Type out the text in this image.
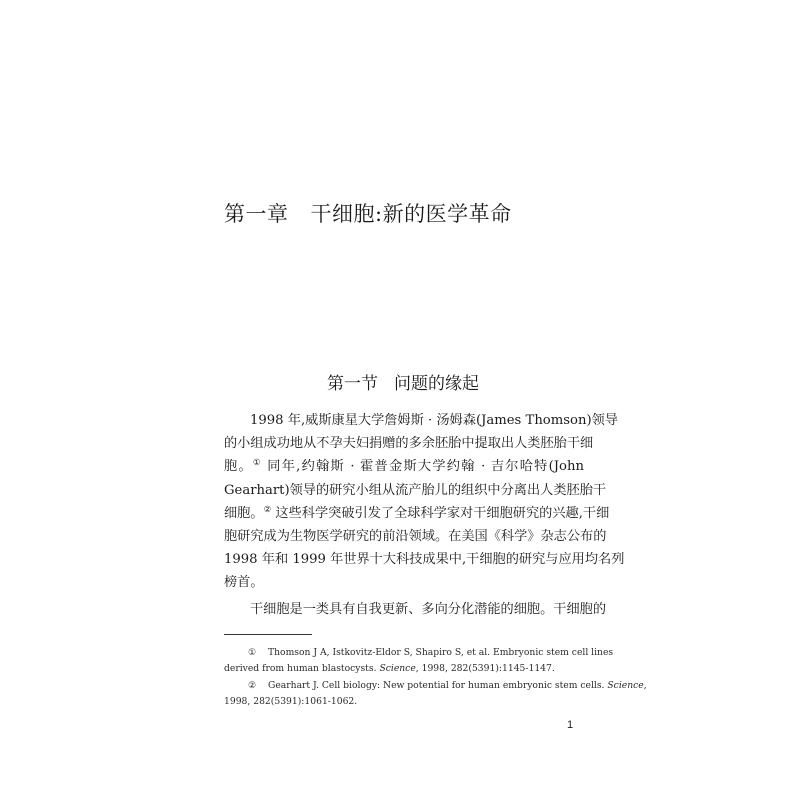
第一章 干细胞:新的医学革命
第一节 问题的缘起
1998 年,威斯康星大学詹姆斯 · 汤姆森(James Thomson)领导
的小组成功地从不孕夫妇捐赠的多余胚胎中提取出人类胚胎干细
胞。① 同年,约翰斯 · 霍普金斯大学约翰 · 吉尔哈特(John
Gearhart)领导的研究小组从流产胎儿的组织中分离出人类胚胎干
细胞。② 这些科学突破引发了全球科学家对干细胞研究的兴趣,干细
胞研究成为生物医学研究的前沿领域。在美国《科学》杂志公布的
1998 年和 1999 年世界十大科技成果中,干细胞的研究与应用均名列
榜首。
干细胞是一类具有自我更新、多向分化潜能的细胞。干细胞的
① Thomson J A, Istkovitz-Eldor S, Shapiro S, et al. Embryonic stem cell lines
derived from human blastocysts. Science, 1998, 282(5391):1145-1147.
② Gearhart J. Cell biology: New potential for human embryonic stem cells. Science,
1998, 282(5391):1061-1062.
1
